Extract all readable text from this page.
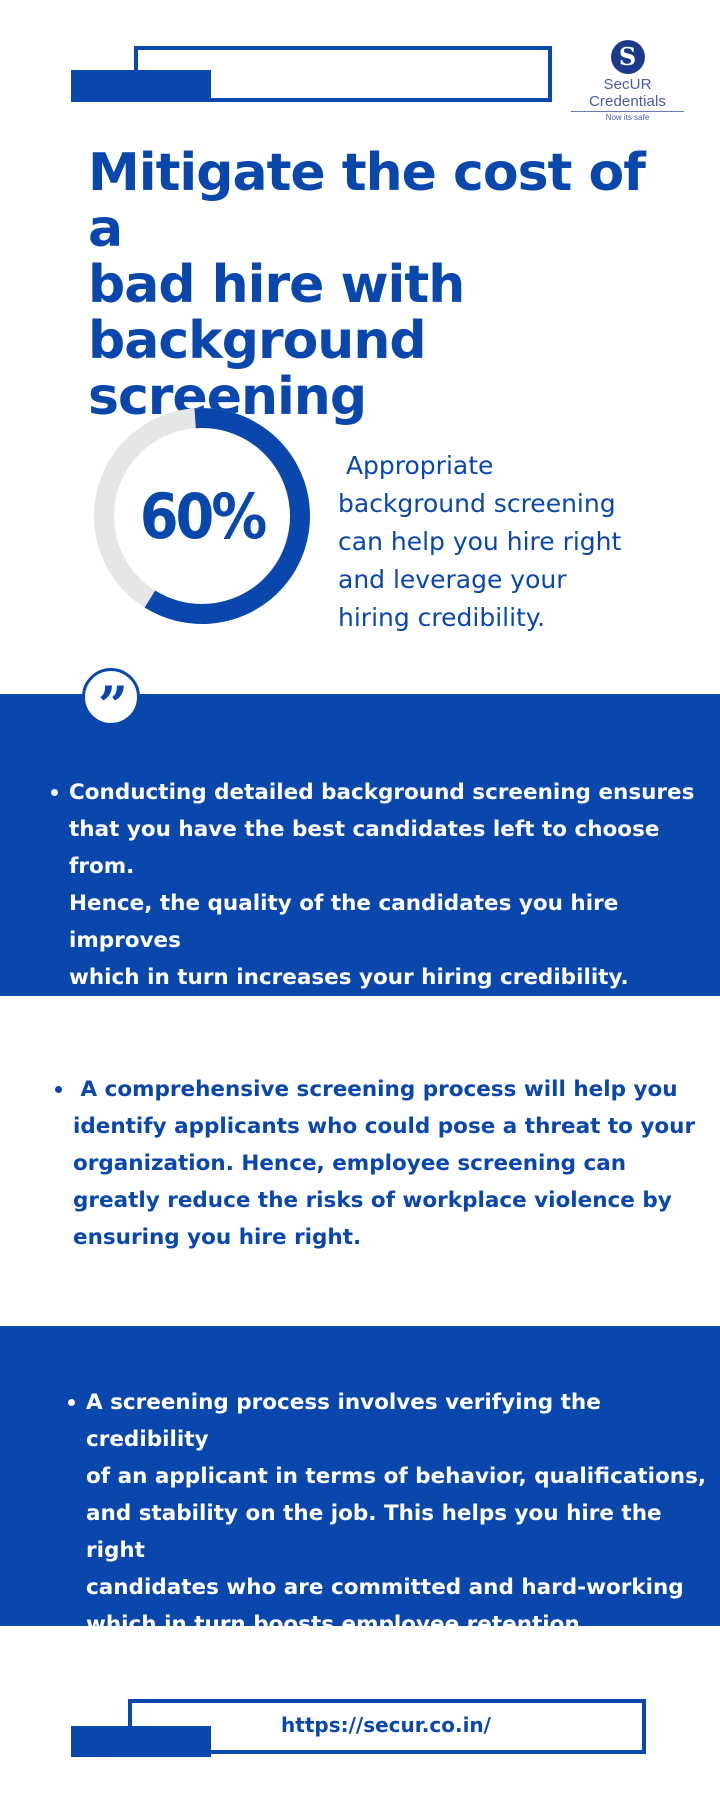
S
SecUR Credentials
Now its safe
Mitigate the cost of a
bad hire with
background screening
60%
Appropriate
background screening
can help you hire right
and leverage your
hiring credibility.
”
Conducting detailed background screening ensures
that you have the best candidates left to choose from.
Hence, the quality of the candidates you hire improves
which in turn increases your hiring credibility.
A comprehensive screening process will help you
identify applicants who could pose a threat to your
organization. Hence, employee screening can
greatly reduce the risks of workplace violence by
ensuring you hire right.
A screening process involves verifying the credibility
of an applicant in terms of behavior, qualifications,
and stability on the job. This helps you hire the right
candidates who are committed and hard-working
which in turn boosts employee retention.
https://secur.co.in/
